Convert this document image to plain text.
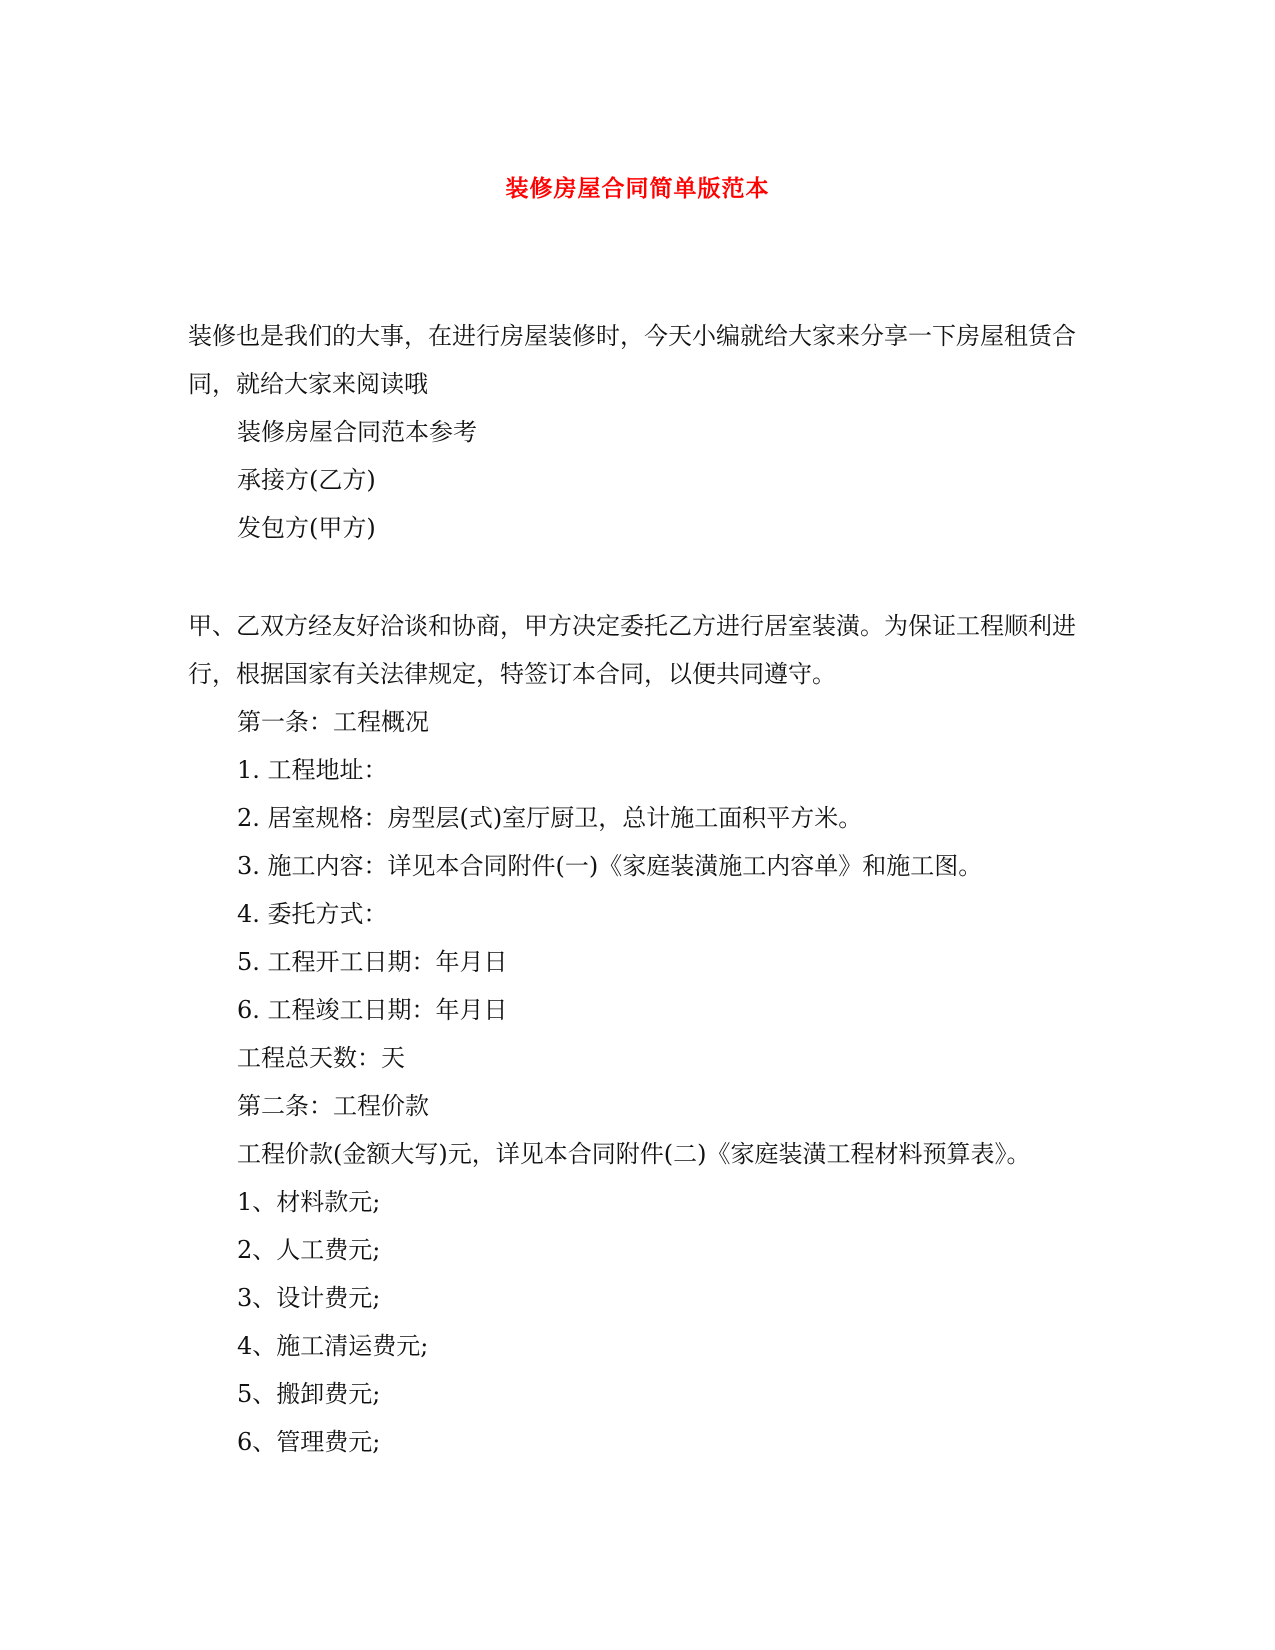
装修房屋合同简单版范本

装修也是我们的大事，在进行房屋装修时，今天小编就给大家来分享一下房屋租赁合同，就给大家来阅读哦

装修房屋合同范本参考

承接方(乙方)

发包方(甲方)

甲、乙双方经友好洽谈和协商，甲方决定委托乙方进行居室装潢。为保证工程顺利进行，根据国家有关法律规定，特签订本合同，以便共同遵守。

第一条：工程概况

1. 工程地址：

2. 居室规格：房型层(式)室厅厨卫，总计施工面积平方米。

3. 施工内容：详见本合同附件(一)《家庭装潢施工内容单》和施工图。

4. 委托方式：

5. 工程开工日期：年月日

6. 工程竣工日期：年月日

工程总天数：天

第二条：工程价款

工程价款(金额大写)元，详见本合同附件(二)《家庭装潢工程材料预算表》。

1、材料款元;

2、人工费元;

3、设计费元;

4、施工清运费元;

5、搬卸费元;

6、管理费元;
